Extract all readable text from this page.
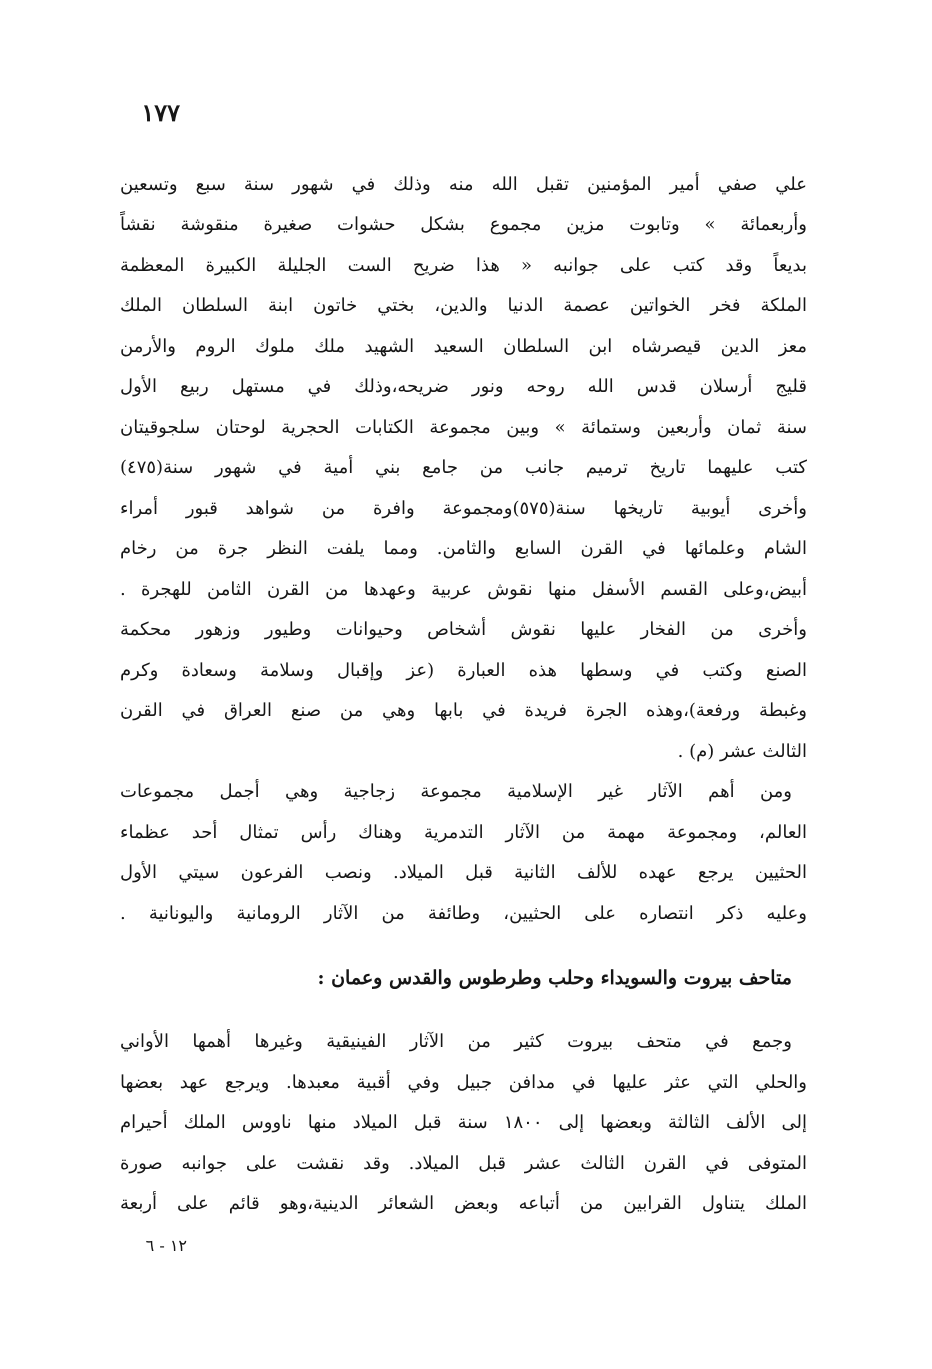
١٧٧
علي صفي أمير المؤمنين تقبل الله منه وذلك في شهور سنة سبع وتسعين
وأربعمائة » وتابوت مزين مجموع بشكل حشوات صغيرة منقوشة نقشاً
بديعاً وقد كتب على جوانبه « هذا ضريح الست الجليلة الكبيرة المعظمة
الملكة فخر الخواتين عصمة الدنيا والدين، بختي خاتون ابنة السلطان الملك
معز الدين قيصرشاه ابن السلطان السعيد الشهيد ملك ملوك الروم والأرمن
قليج أرسلان قدس الله روحه ونور ضريحه،وذلك في مستهل ربيع الأول
سنة ثمان وأربعين وستمائة » وبين مجموعة الكتابات الحجرية لوحتان سلجوقيتان
كتب عليهما تاريخ ترميم جانب من جامع بني أمية في شهور سنة(٤٧٥)
وأخرى أيوبية تاريخها سنة(٥٧٥)ومجموعة وافرة من شواهد قبور أمراء
الشام وعلمائها في القرن السابع والثامن. ومما يلفت النظر جرة من رخام
أبيض،وعلى القسم الأسفل منها نقوش عربية وعهدها من القرن الثامن للهجرة .
وأخرى من الفخار عليها نقوش أشخاص وحيوانات وطيور وزهور محكمة
الصنع وكتب في وسطها هذه العبارة (عز وإقبال وسلامة وسعادة وكرم
وغبطة ورفعة)،وهذه الجرة فريدة في بابها وهي من صنع العراق في القرن
الثالث عشر (م) .
ومن أهم الآثار غير الإسلامية مجموعة زجاجية وهي أجمل مجموعات
العالم، ومجموعة مهمة من الآثار التدمرية وهناك رأس تمثال أحد عظماء
الحثيين يرجع عهده للألف الثانية قبل الميلاد. ونصب الفرعون سيتي الأول
وعليه ذكر انتصاره على الحثيين، وطائفة من الآثار الرومانية واليونانية .
متاحف بيروت والسويداء وحلب وطرطوس والقدس وعمان :
وجمع في متحف بيروت كثير من الآثار الفينيقية وغيرها أهمها الأواني
والحلي التي عثر عليها في مدافن جبيل وفي أقبية معبدها. ويرجع عهد بعضها
إلى الألف الثالثة وبعضها إلى ١٨٠٠ سنة قبل الميلاد منها ناووس الملك أحيرام
المتوفى في القرن الثالث عشر قبل الميلاد. وقد نقشت على جوانبه صورة
الملك يتناول القرابين من أتباعه وبعض الشعائر الدينية،وهو قائم على أربعة
١٢ - ٦
